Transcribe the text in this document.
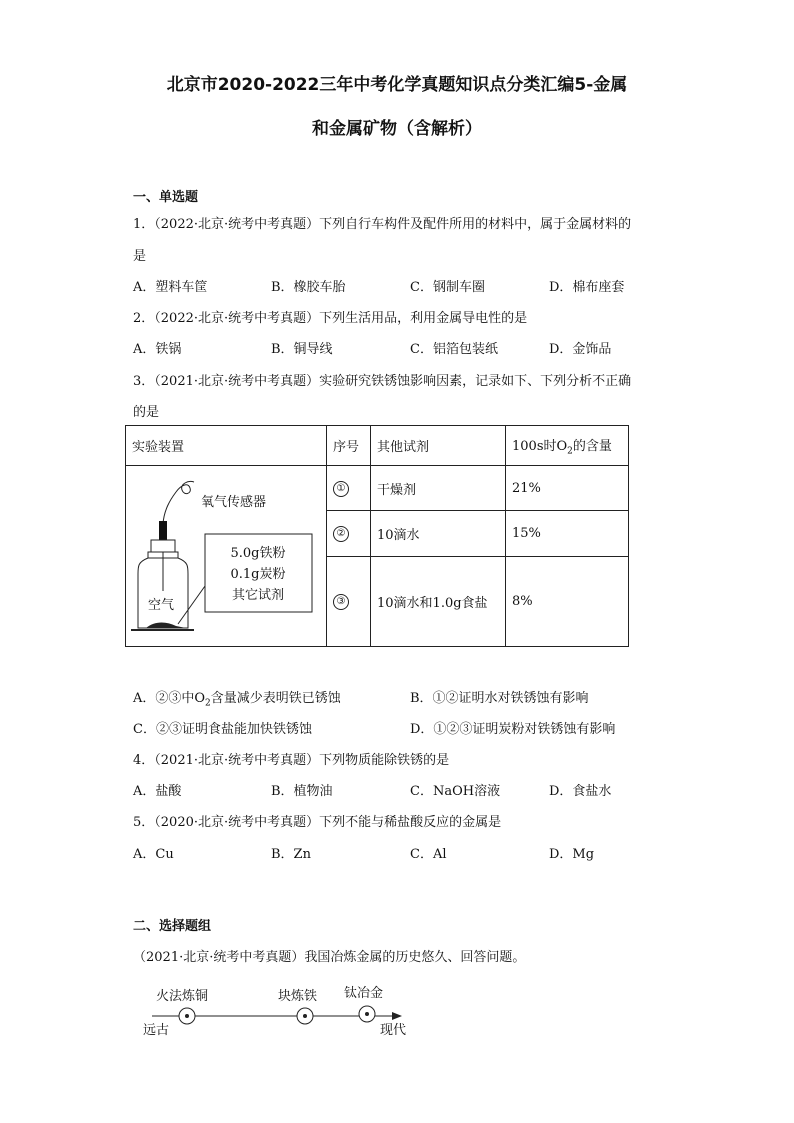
北京市2020-2022三年中考化学真题知识点分类汇编5-金属
和金属矿物（含解析）
一、单选题
1．（2022·北京·统考中考真题）下列自行车构件及配件所用的材料中，属于金属材料的
是
A．塑料车筐	B．橡胶车胎	C．钢制车圈	D．棉布座套
2．（2022·北京·统考中考真题）下列生活用品，利用金属导电性的是
A．铁锅	B．铜导线	C．铝箔包装纸	D．金饰品
3．（2021·北京·统考中考真题）实验研究铁锈蚀影响因素，记录如下、下列分析不正确
的是
实验装置	序号	其他试剂	100s时$O_2$的含量

氧气传感器
5.0g铁粉
0.1g炭粉
其它试剂
空气	①	干燥剂	21%
	②	10滴水	15%
	③	10滴水和1.0g食盐	8%
A．②③中$O_2$含量减少表明铁已锈蚀	B．①②证明水对铁锈蚀有影响
C．②③证明食盐能加快铁锈蚀	D．①②③证明炭粉对铁锈蚀有影响
4．（2021·北京·统考中考真题）下列物质能除铁锈的是
A．盐酸	B．植物油	C．NaOH溶液	D．食盐水
5．（2020·北京·统考中考真题）下列不能与稀盐酸反应的金属是
A．Cu	B．Zn	C．Al	D．Mg
二、选择题组
（2021·北京·统考中考真题）我国冶炼金属的历史悠久、回答问题。
火法炼铜	块炼铁 钛冶金
远古	现代
